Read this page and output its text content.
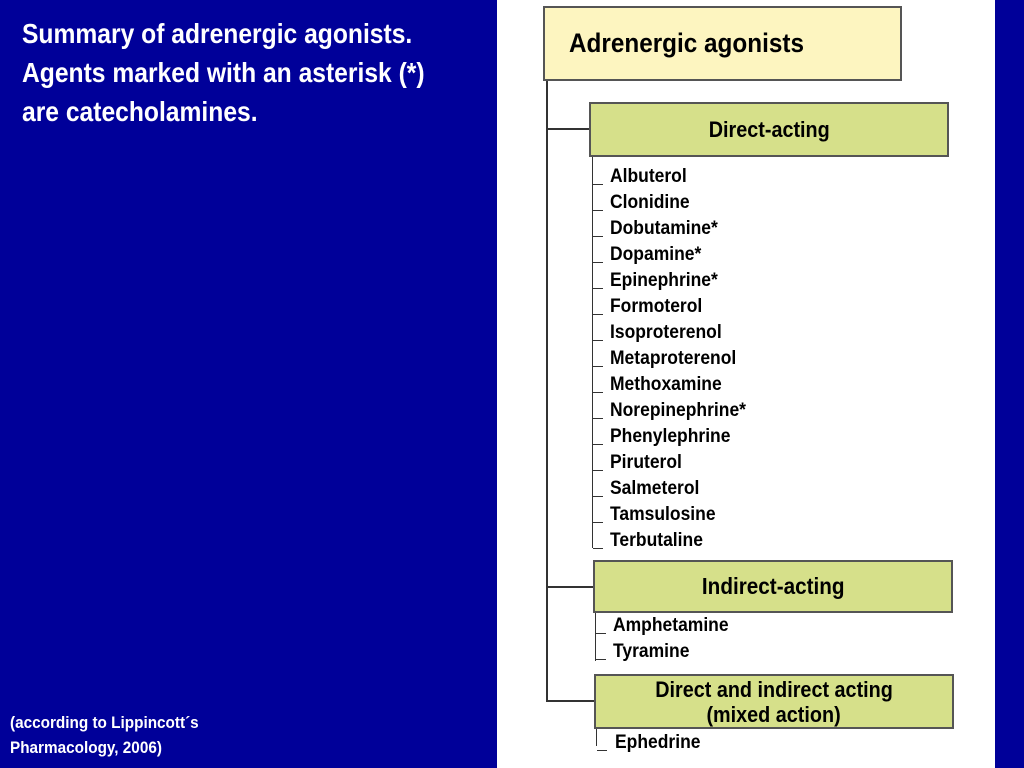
Summary of adrenergic agonists.
Agents marked with an asterisk (*)
are catecholamines.
(according to Lippincott´s
Pharmacology, 2006)
Adrenergic agonists
Direct-acting
Indirect-acting
Direct and indirect acting
(mixed action)
Albuterol
Clonidine
Dobutamine*
Dopamine*
Epinephrine*
Formoterol
Isoproterenol
Metaproterenol
Methoxamine
Norepinephrine*
Phenylephrine
Piruterol
Salmeterol
Tamsulosine
Terbutaline
Amphetamine
Tyramine
Ephedrine
